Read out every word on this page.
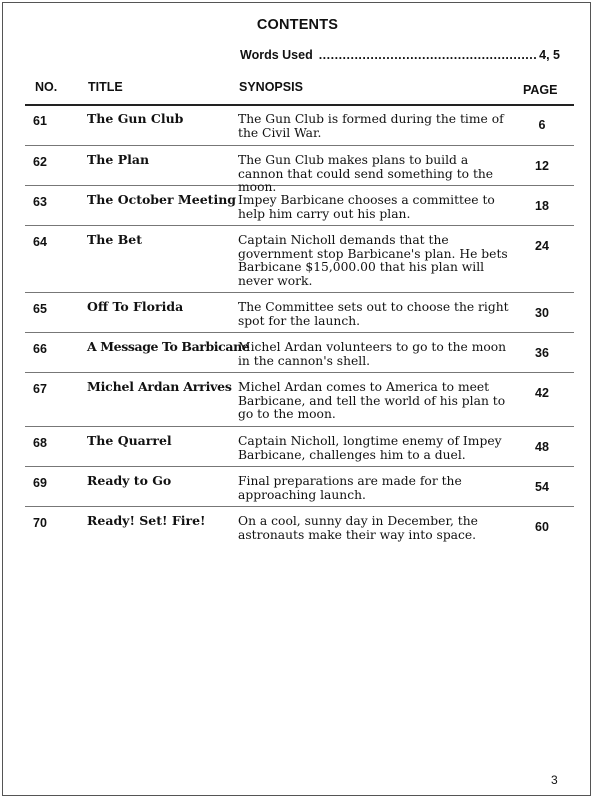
CONTENTS
Words Used
.....	4, 5
NO. TITLE	SYNOPSIS	PAGE
61	The Gun Club	The Gun Club is formed during the time of the Civil War.
6
62	The Plan	The Gun Club makes plans to build a cannon that could send something to the moon.
12
63	The October Meeting Impey Barbicane chooses a committee to help him carry out his plan.
18
64	The Bet	Captain Nicholl demands that the government stop Barbicane's plan. He bets Barbicane $15,000.00 that his plan will never work.
24
65	Off To Florida	The Committee sets out to choose the right spot for the launch.
30
66	A Message To Barbicane
Michel Ardan volunteers to go to the moon in the cannon's shell.
36
67	Michel Ardan Arrives Michel Ardan comes to America to meet Barbicane, and tell the world of his plan to go to the moon.
42
68	The Quarrel	Captain Nicholl, longtime enemy of Impey Barbicane, challenges him to a duel.
48
69	Ready to Go	Final preparations are made for the approaching launch.
54
70	Ready! Set! Fire!	On a cool, sunny day in December, the astronauts make their way into space.
60
3
